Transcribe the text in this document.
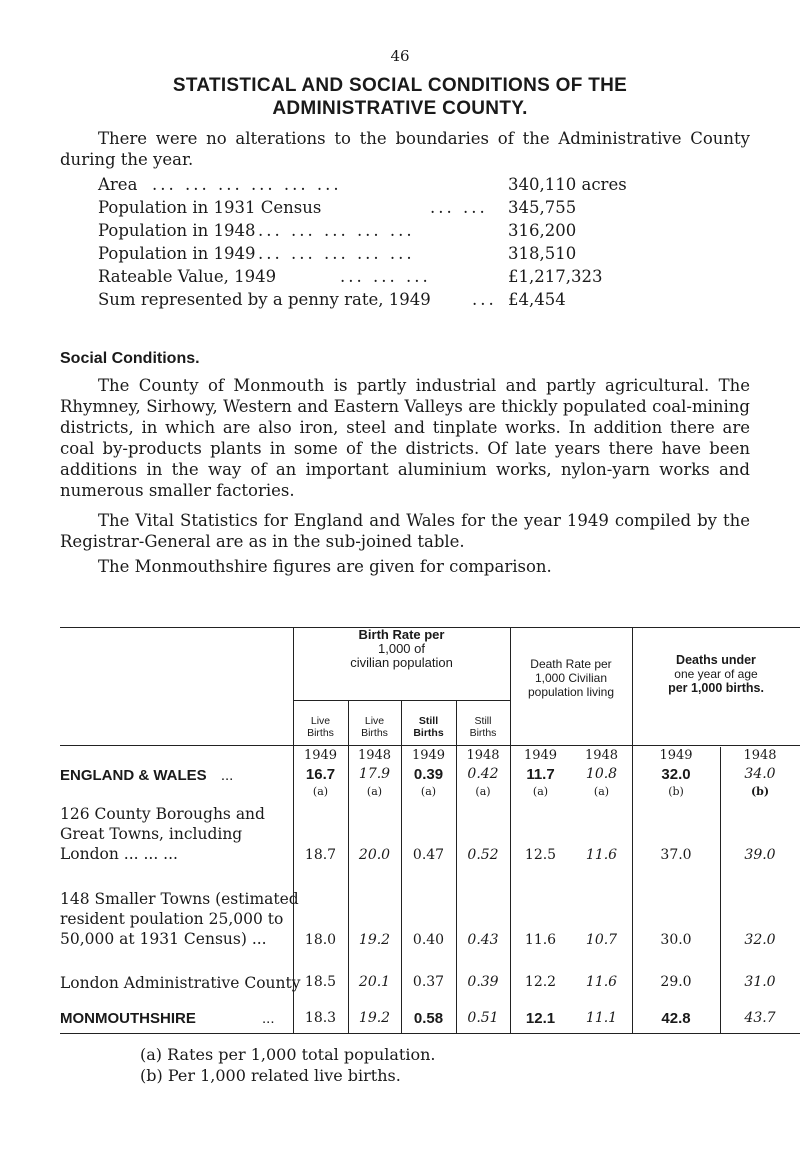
46
STATISTICAL AND SOCIAL CONDITIONS OF THE
ADMINISTRATIVE COUNTY.
There were no alterations to the boundaries of the Administrative County during the year.
Area ... ... ... ... ... ...	340,110 acres
Population in 1931 Census	... ... 345,755
Population in 1948 ... ... ... ... ...	316,200
Population in 1949 ... ... ... ... ...	318,510
Rateable Value, 1949	... ... ...	£1,217,323
Sum represented by a penny rate, 1949	... £4,454
Social Conditions.
The County of Monmouth is partly industrial and partly agricultural. The Rhymney, Sirhowy, Western and Eastern Valleys are thickly populated coal-mining districts, in which are also iron, steel and tinplate works. In addition there are coal by-products plants in some of the districts. Of late years there have been additions in the way of an important aluminium works, nylon-yarn works and numerous smaller factories.
The Vital Statistics for England and Wales for the year 1949 compiled by the Registrar-General are as in the sub-joined table.
The Monmouthshire figures are given for comparison.
Birth Rate per
1,000 of
civilian population	Death Rate per
1,000 Civilian
population living
Deaths under
one year of age
per 1,000 births.
Live
Births
Live
Births
Still
Births
Still
Births
1949	1948	1949	1948	1949	1948	1949	1948
ENGLAND & WALES ...	16.7	17.9	0.39	0.42	11.7	10.8	32.0	34.0
(a)	(a)	(a)	(a)	(a)	(a)	(b)	(b)
126 County Boroughs and
Great Towns, including
London ... ... ...	18.7	20.0	0.47	0.52	12.5	11.6	37.0	39.0
148 Smaller Towns (estimated
resident poulation 25,000 to
50,000 at 1931 Census) ...	18.0	19.2	0.40	0.43	11.6	10.7	30.0	32.0
London Administrative County 18.5	20.1	0.37	0.39	12.2	11.6	29.0	31.0
MONMOUTHSHIRE	...	18.3	19.2	0.58	0.51	12.1	11.1	42.8	43.7
(a) Rates per 1,000 total population.
(b) Per 1,000 related live births.
